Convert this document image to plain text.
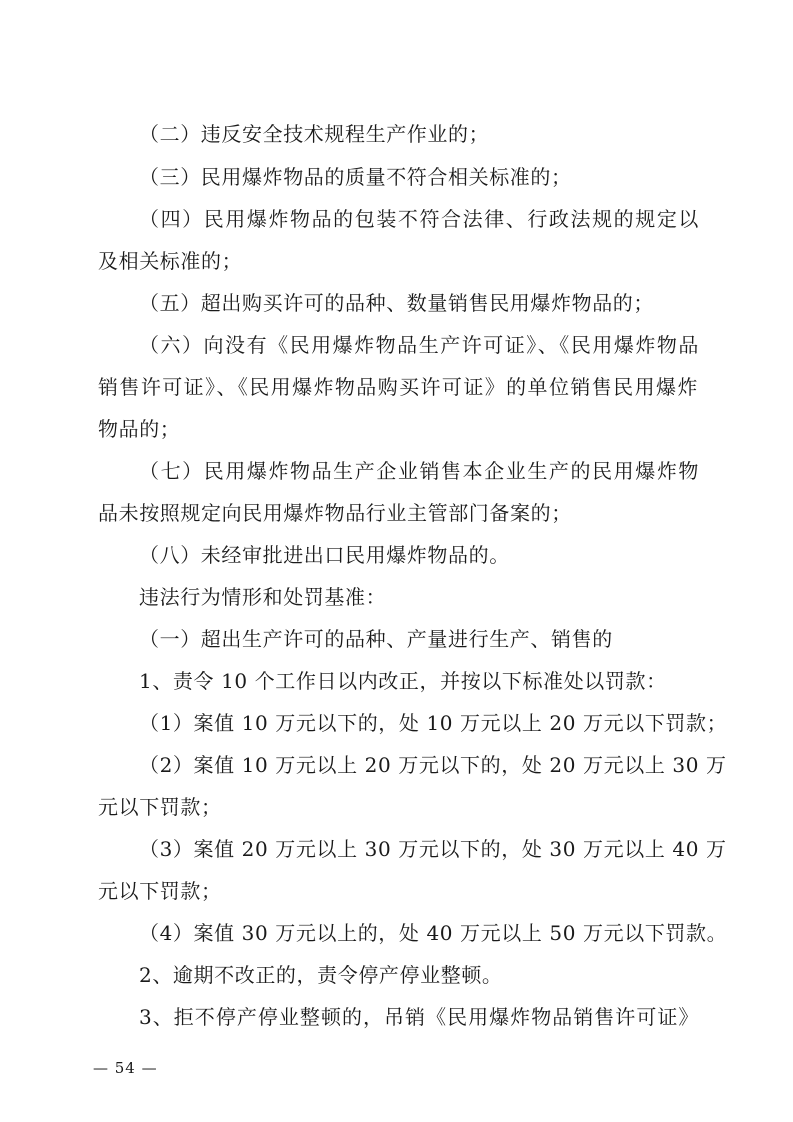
（二）违反安全技术规程生产作业的；
（三）民用爆炸物品的质量不符合相关标准的；
（四）民用爆炸物品的包装不符合法律、行政法规的规定以
及相关标准的；
（五）超出购买许可的品种、数量销售民用爆炸物品的；
（六）向没有《民用爆炸物品生产许可证》、《民用爆炸物品
销售许可证》、《民用爆炸物品购买许可证》的单位销售民用爆炸
物品的；
（七）民用爆炸物品生产企业销售本企业生产的民用爆炸物
品未按照规定向民用爆炸物品行业主管部门备案的；
（八）未经审批进出口民用爆炸物品的。
违法行为情形和处罚基准：
（一）超出生产许可的品种、产量进行生产、销售的
1、责令 10 个工作日以内改正，并按以下标准处以罚款：
（1）案值 10 万元以下的，处 10 万元以上 20 万元以下罚款；
（2）案值 10 万元以上 20 万元以下的，处 20 万元以上 30 万
元以下罚款；
（3）案值 20 万元以上 30 万元以下的，处 30 万元以上 40 万
元以下罚款；
（4）案值 30 万元以上的，处 40 万元以上 50 万元以下罚款。
2、逾期不改正的，责令停产停业整顿。
3、拒不停产停业整顿的，吊销《民用爆炸物品销售许可证》
— 54 —
